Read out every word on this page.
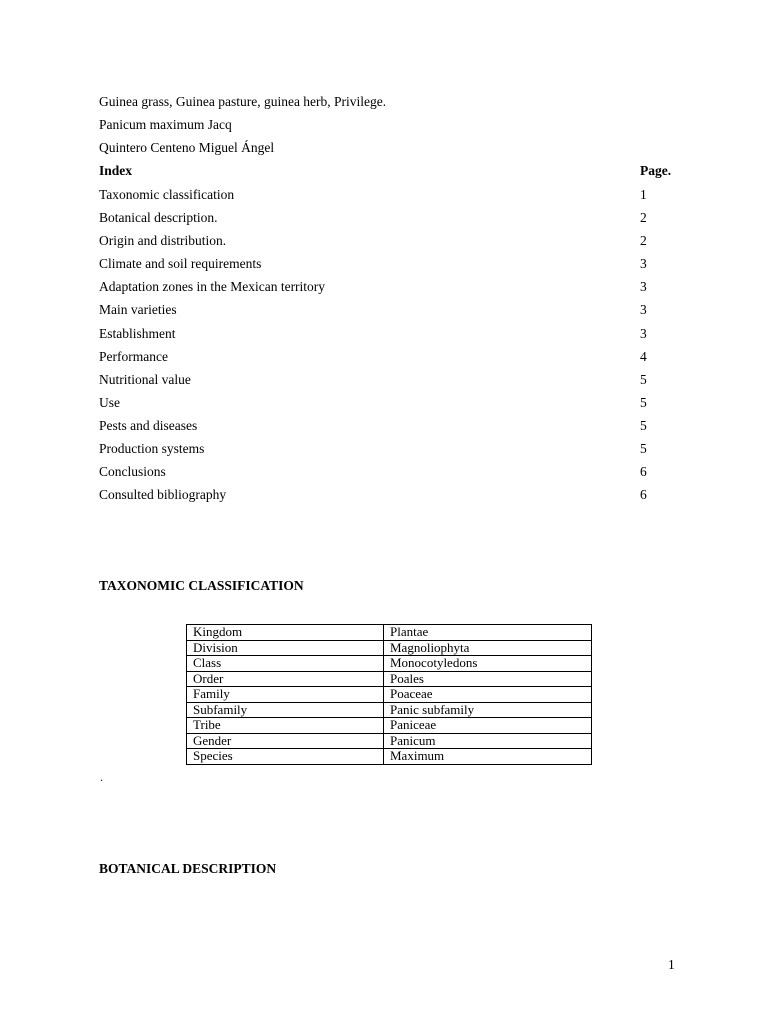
Guinea grass, Guinea pasture, guinea herb, Privilege.
Panicum maximum Jacq
Quintero Centeno Miguel Ángel
Index	Page.
Taxonomic classification	1
Botanical description.	2
Origin and distribution.	2
Climate and soil requirements	3
Adaptation zones in the Mexican territory	3
Main varieties	3
Establishment	3
Performance	4
Nutritional value	5
Use	5
Pests and diseases	5
Production systems	5
Conclusions	6
Consulted bibliography	6
TAXONOMIC CLASSIFICATION
Kingdom	Plantae
Division	Magnoliophyta
Class	Monocotyledons
Order	Poales
Family	Poaceae
Subfamily	Panic subfamily
Tribe	Paniceae
Gender	Panicum
Species	Maximum
.
BOTANICAL DESCRIPTION
1
